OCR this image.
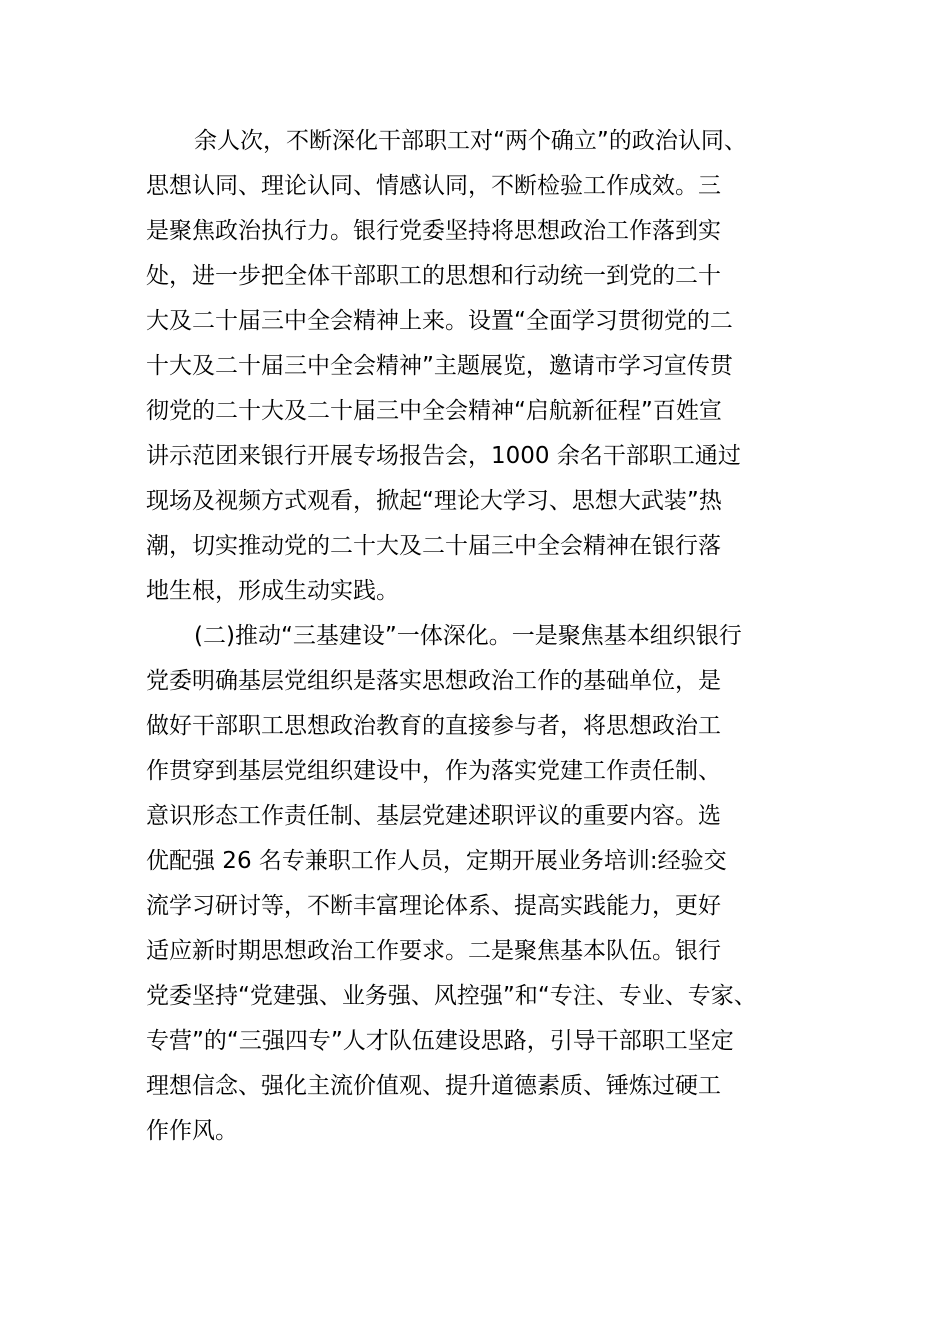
余人次，不断深化干部职工对“两个确立”的政治认同、
思想认同、理论认同、情感认同，不断检验工作成效。三
是聚焦政治执行力。银行党委坚持将思想政治工作落到实
处，进一步把全体干部职工的思想和行动统一到党的二十
大及二十届三中全会精神上来。设置“全面学习贯彻党的二
十大及二十届三中全会精神”主题展览，邀请市学习宣传贯
彻党的二十大及二十届三中全会精神“启航新征程”百姓宣
讲示范团来银行开展专场报告会，1000 余名干部职工通过
现场及视频方式观看，掀起“理论大学习、思想大武装”热
潮，切实推动党的二十大及二十届三中全会精神在银行落
地生根，形成生动实践。
(二)推动“三基建设”一体深化。一是聚焦基本组织银行
党委明确基层党组织是落实思想政治工作的基础单位，是
做好干部职工思想政治教育的直接参与者，将思想政治工
作贯穿到基层党组织建设中，作为落实党建工作责任制、
意识形态工作责任制、基层党建述职评议的重要内容。选
优配强 26 名专兼职工作人员，定期开展业务培训:经验交
流学习研讨等，不断丰富理论体系、提高实践能力，更好
适应新时期思想政治工作要求。二是聚焦基本队伍。银行
党委坚持“党建强、业务强、风控强”和“专注、专业、专家、
专营”的“三强四专”人才队伍建设思路，引导干部职工坚定
理想信念、强化主流价值观、提升道德素质、锤炼过硬工
作作风。
